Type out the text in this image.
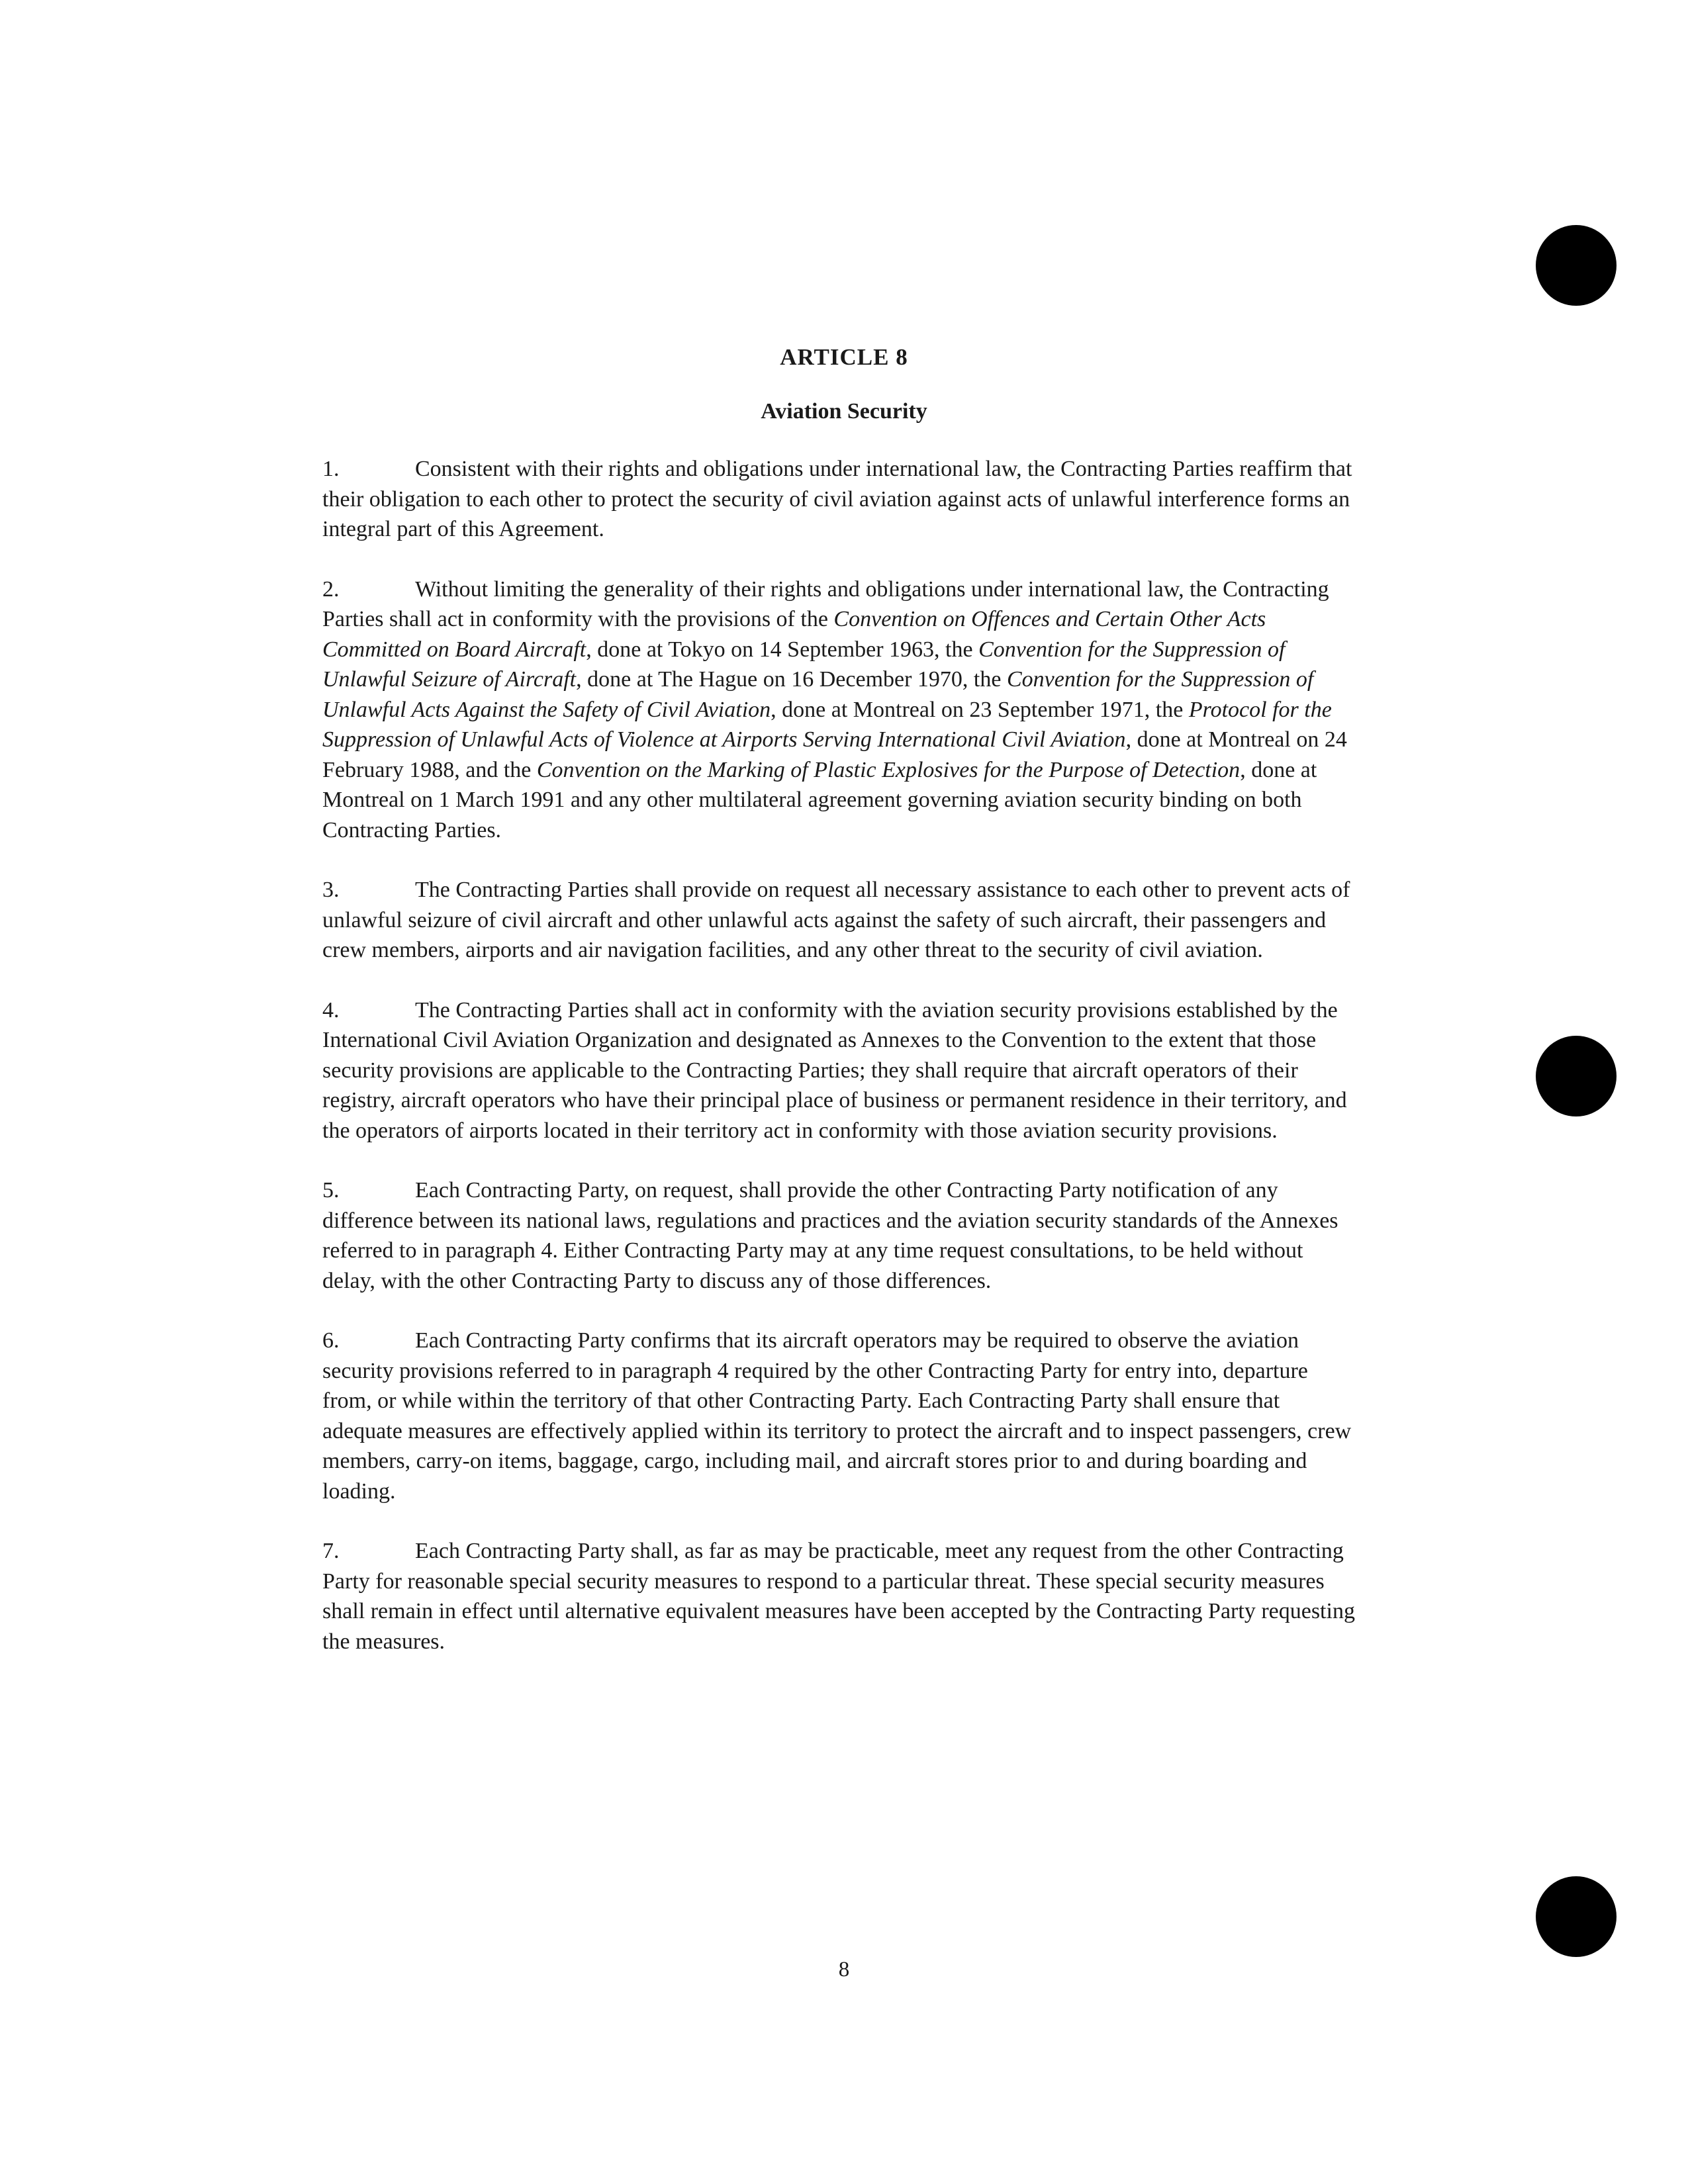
ARTICLE 8
Aviation Security

1.	Consistent with their rights and obligations under international law, the Contracting Parties reaffirm that their obligation to each other to protect the security of civil aviation against acts of unlawful interference forms an integral part of this Agreement.

2.	Without limiting the generality of their rights and obligations under international law, the Contracting Parties shall act in conformity with the provisions of the Convention on Offences and Certain Other Acts Committed on Board Aircraft, done at Tokyo on 14 September 1963, the Convention for the Suppression of Unlawful Seizure of Aircraft, done at The Hague on 16 December 1970, the Convention for the Suppression of Unlawful Acts Against the Safety of Civil Aviation, done at Montreal on 23 September 1971, the Protocol for the Suppression of Unlawful Acts of Violence at Airports Serving International Civil Aviation, done at Montreal on 24 February 1988, and the Convention on the Marking of Plastic Explosives for the Purpose of Detection, done at Montreal on 1 March 1991 and any other multilateral agreement governing aviation security binding on both Contracting Parties.

3.	The Contracting Parties shall provide on request all necessary assistance to each other to prevent acts of unlawful seizure of civil aircraft and other unlawful acts against the safety of such aircraft, their passengers and crew members, airports and air navigation facilities, and any other threat to the security of civil aviation.

4.	The Contracting Parties shall act in conformity with the aviation security provisions established by the International Civil Aviation Organization and designated as Annexes to the Convention to the extent that those security provisions are applicable to the Contracting Parties; they shall require that aircraft operators of their registry, aircraft operators who have their principal place of business or permanent residence in their territory, and the operators of airports located in their territory act in conformity with those aviation security provisions.

5.	Each Contracting Party, on request, shall provide the other Contracting Party notification of any difference between its national laws, regulations and practices and the aviation security standards of the Annexes referred to in paragraph 4. Either Contracting Party may at any time request consultations, to be held without delay, with the other Contracting Party to discuss any of those differences.

6.	Each Contracting Party confirms that its aircraft operators may be required to observe the aviation security provisions referred to in paragraph 4 required by the other Contracting Party for entry into, departure from, or while within the territory of that other Contracting Party. Each Contracting Party shall ensure that adequate measures are effectively applied within its territory to protect the aircraft and to inspect passengers, crew members, carry-on items, baggage, cargo, including mail, and aircraft stores prior to and during boarding and loading.

7.	Each Contracting Party shall, as far as may be practicable, meet any request from the other Contracting Party for reasonable special security measures to respond to a particular threat. These special security measures shall remain in effect until alternative equivalent measures have been accepted by the Contracting Party requesting the measures.

8
